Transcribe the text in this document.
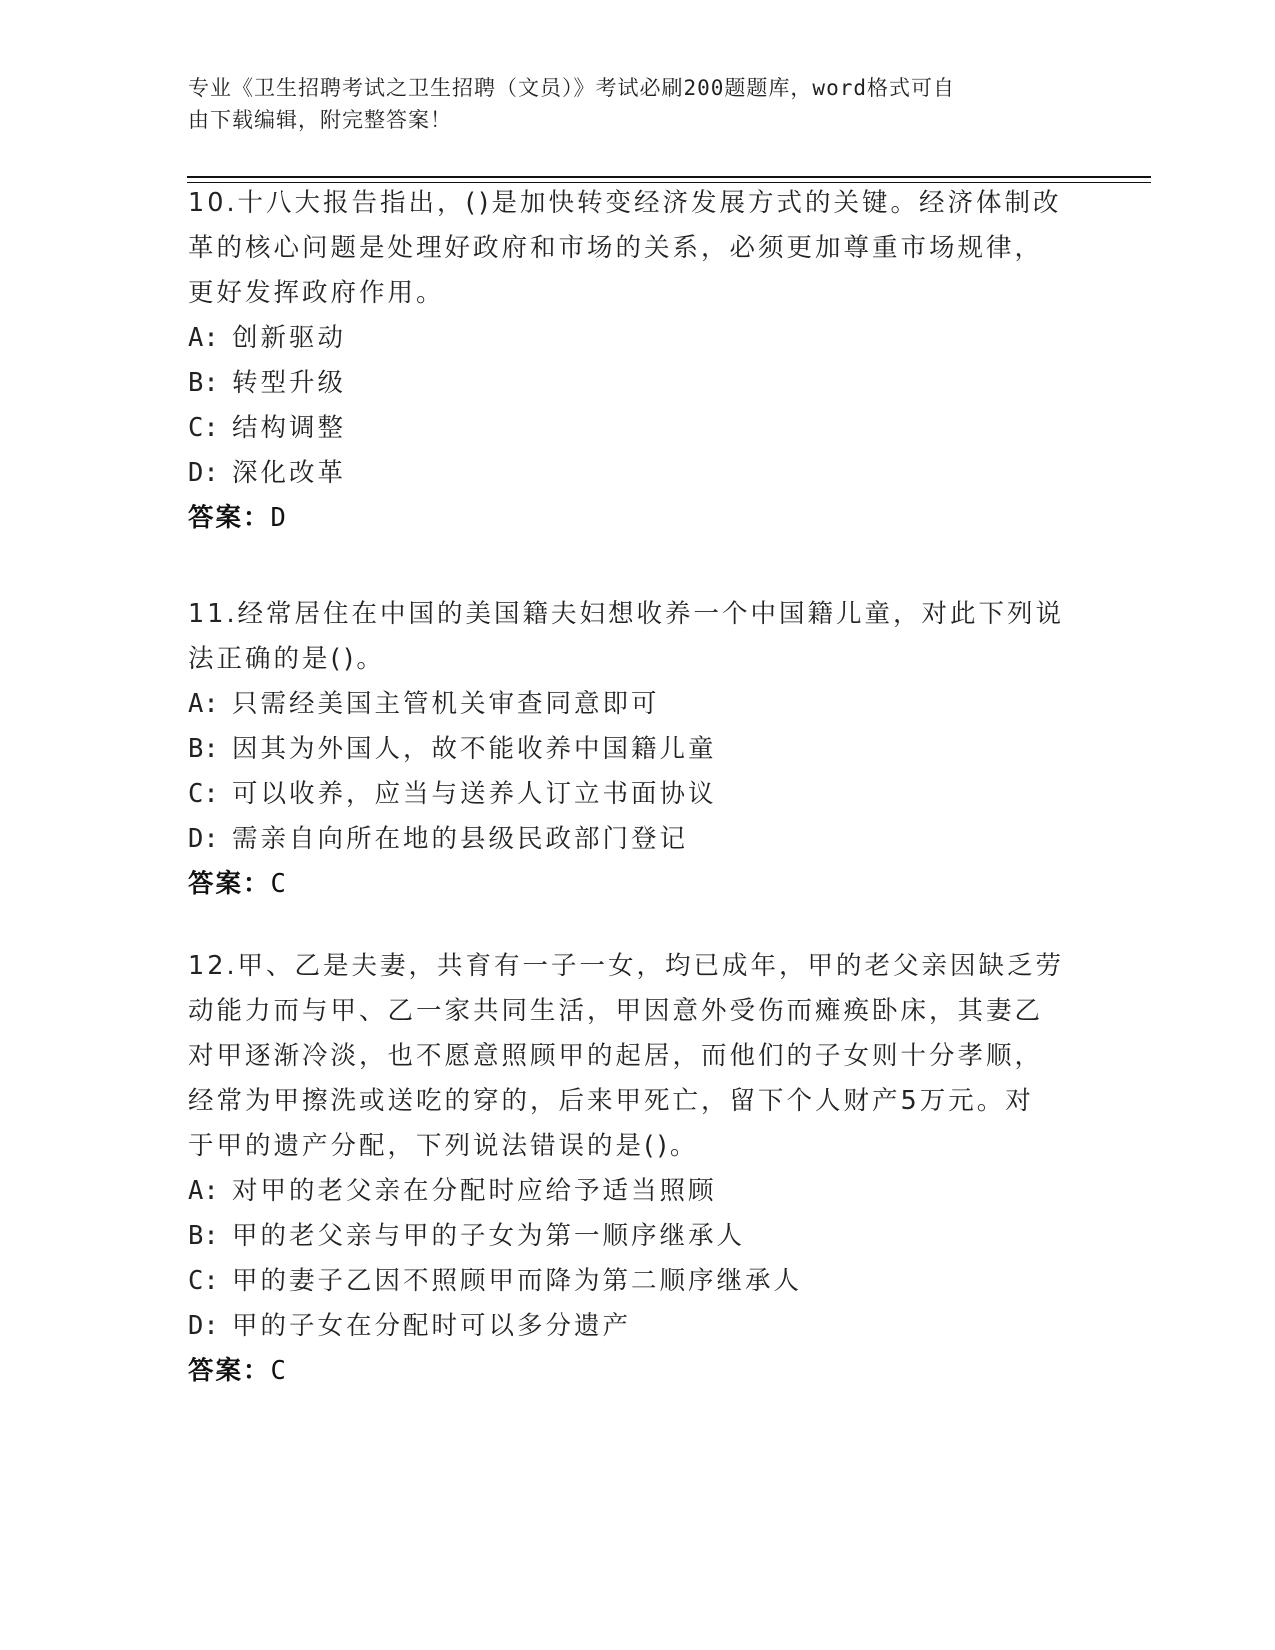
专业《卫生招聘考试之卫生招聘（文员）》考试必刷200题题库，word格式可自
由下载编辑，附完整答案！
10.十八大报告指出，()是加快转变经济发展方式的关键。经济体制改
革的核心问题是处理好政府和市场的关系，必须更加尊重市场规律，
更好发挥政府作用。
A: 创新驱动
B: 转型升级
C: 结构调整
D: 深化改革
答案：D
11.经常居住在中国的美国籍夫妇想收养一个中国籍儿童，对此下列说
法正确的是()。
A: 只需经美国主管机关审查同意即可
B: 因其为外国人，故不能收养中国籍儿童
C: 可以收养，应当与送养人订立书面协议
D: 需亲自向所在地的县级民政部门登记
答案：C
12.甲、乙是夫妻，共育有一子一女，均已成年，甲的老父亲因缺乏劳
动能力而与甲、乙一家共同生活，甲因意外受伤而瘫痪卧床，其妻乙
对甲逐渐冷淡，也不愿意照顾甲的起居，而他们的子女则十分孝顺，
经常为甲擦洗或送吃的穿的，后来甲死亡，留下个人财产5万元。对
于甲的遗产分配，下列说法错误的是()。
A: 对甲的老父亲在分配时应给予适当照顾
B: 甲的老父亲与甲的子女为第一顺序继承人
C: 甲的妻子乙因不照顾甲而降为第二顺序继承人
D: 甲的子女在分配时可以多分遗产
答案：C
